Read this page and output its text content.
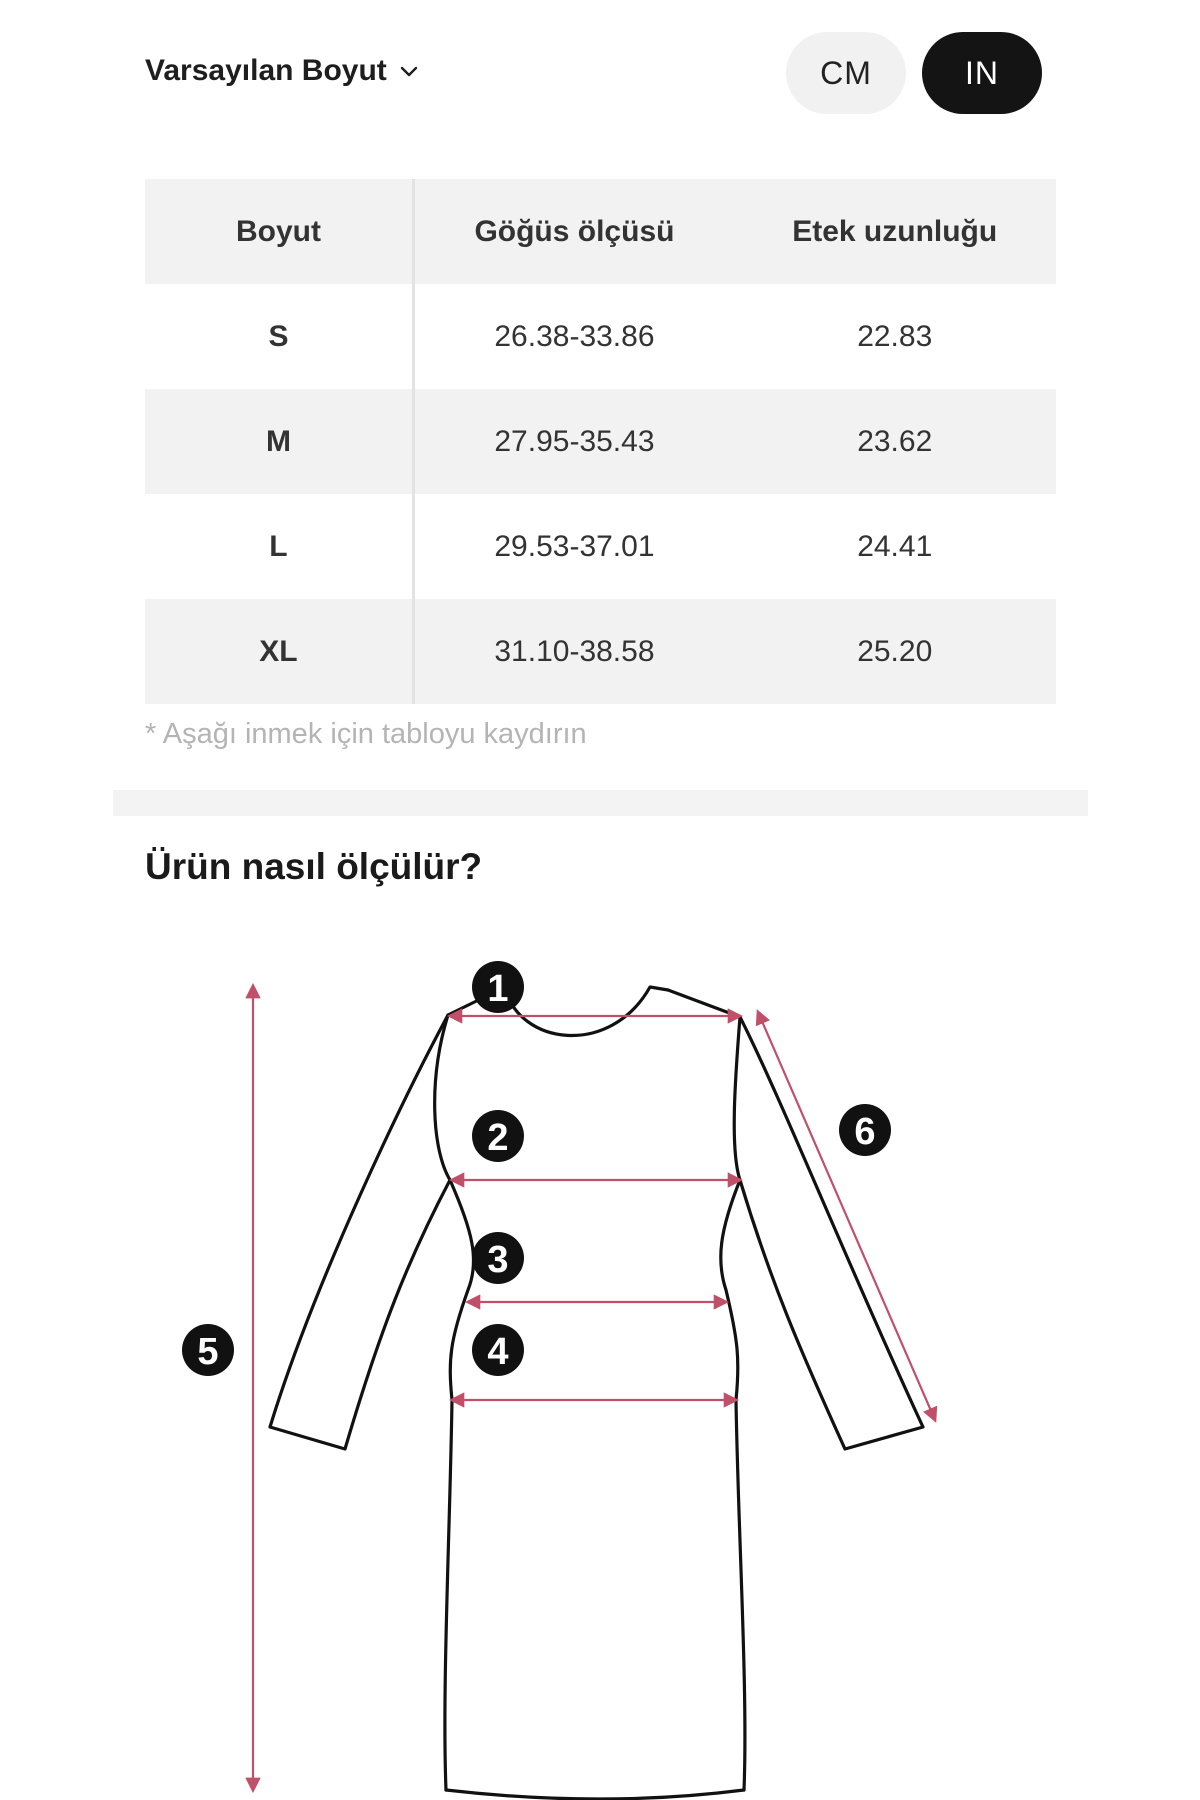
Varsayılan Boyut	CM	IN
Boyut	Göğüs ölçüsü	Etek uzunluğu
S	26.38-33.86	22.83
M	27.95-35.43	23.62
L	29.53-37.01	24.41
XL	31.10-38.58	25.20
* Aşağı inmek için tabloyu kaydırın
Ürün nasıl ölçülür?
1
2
3
4
5
6
